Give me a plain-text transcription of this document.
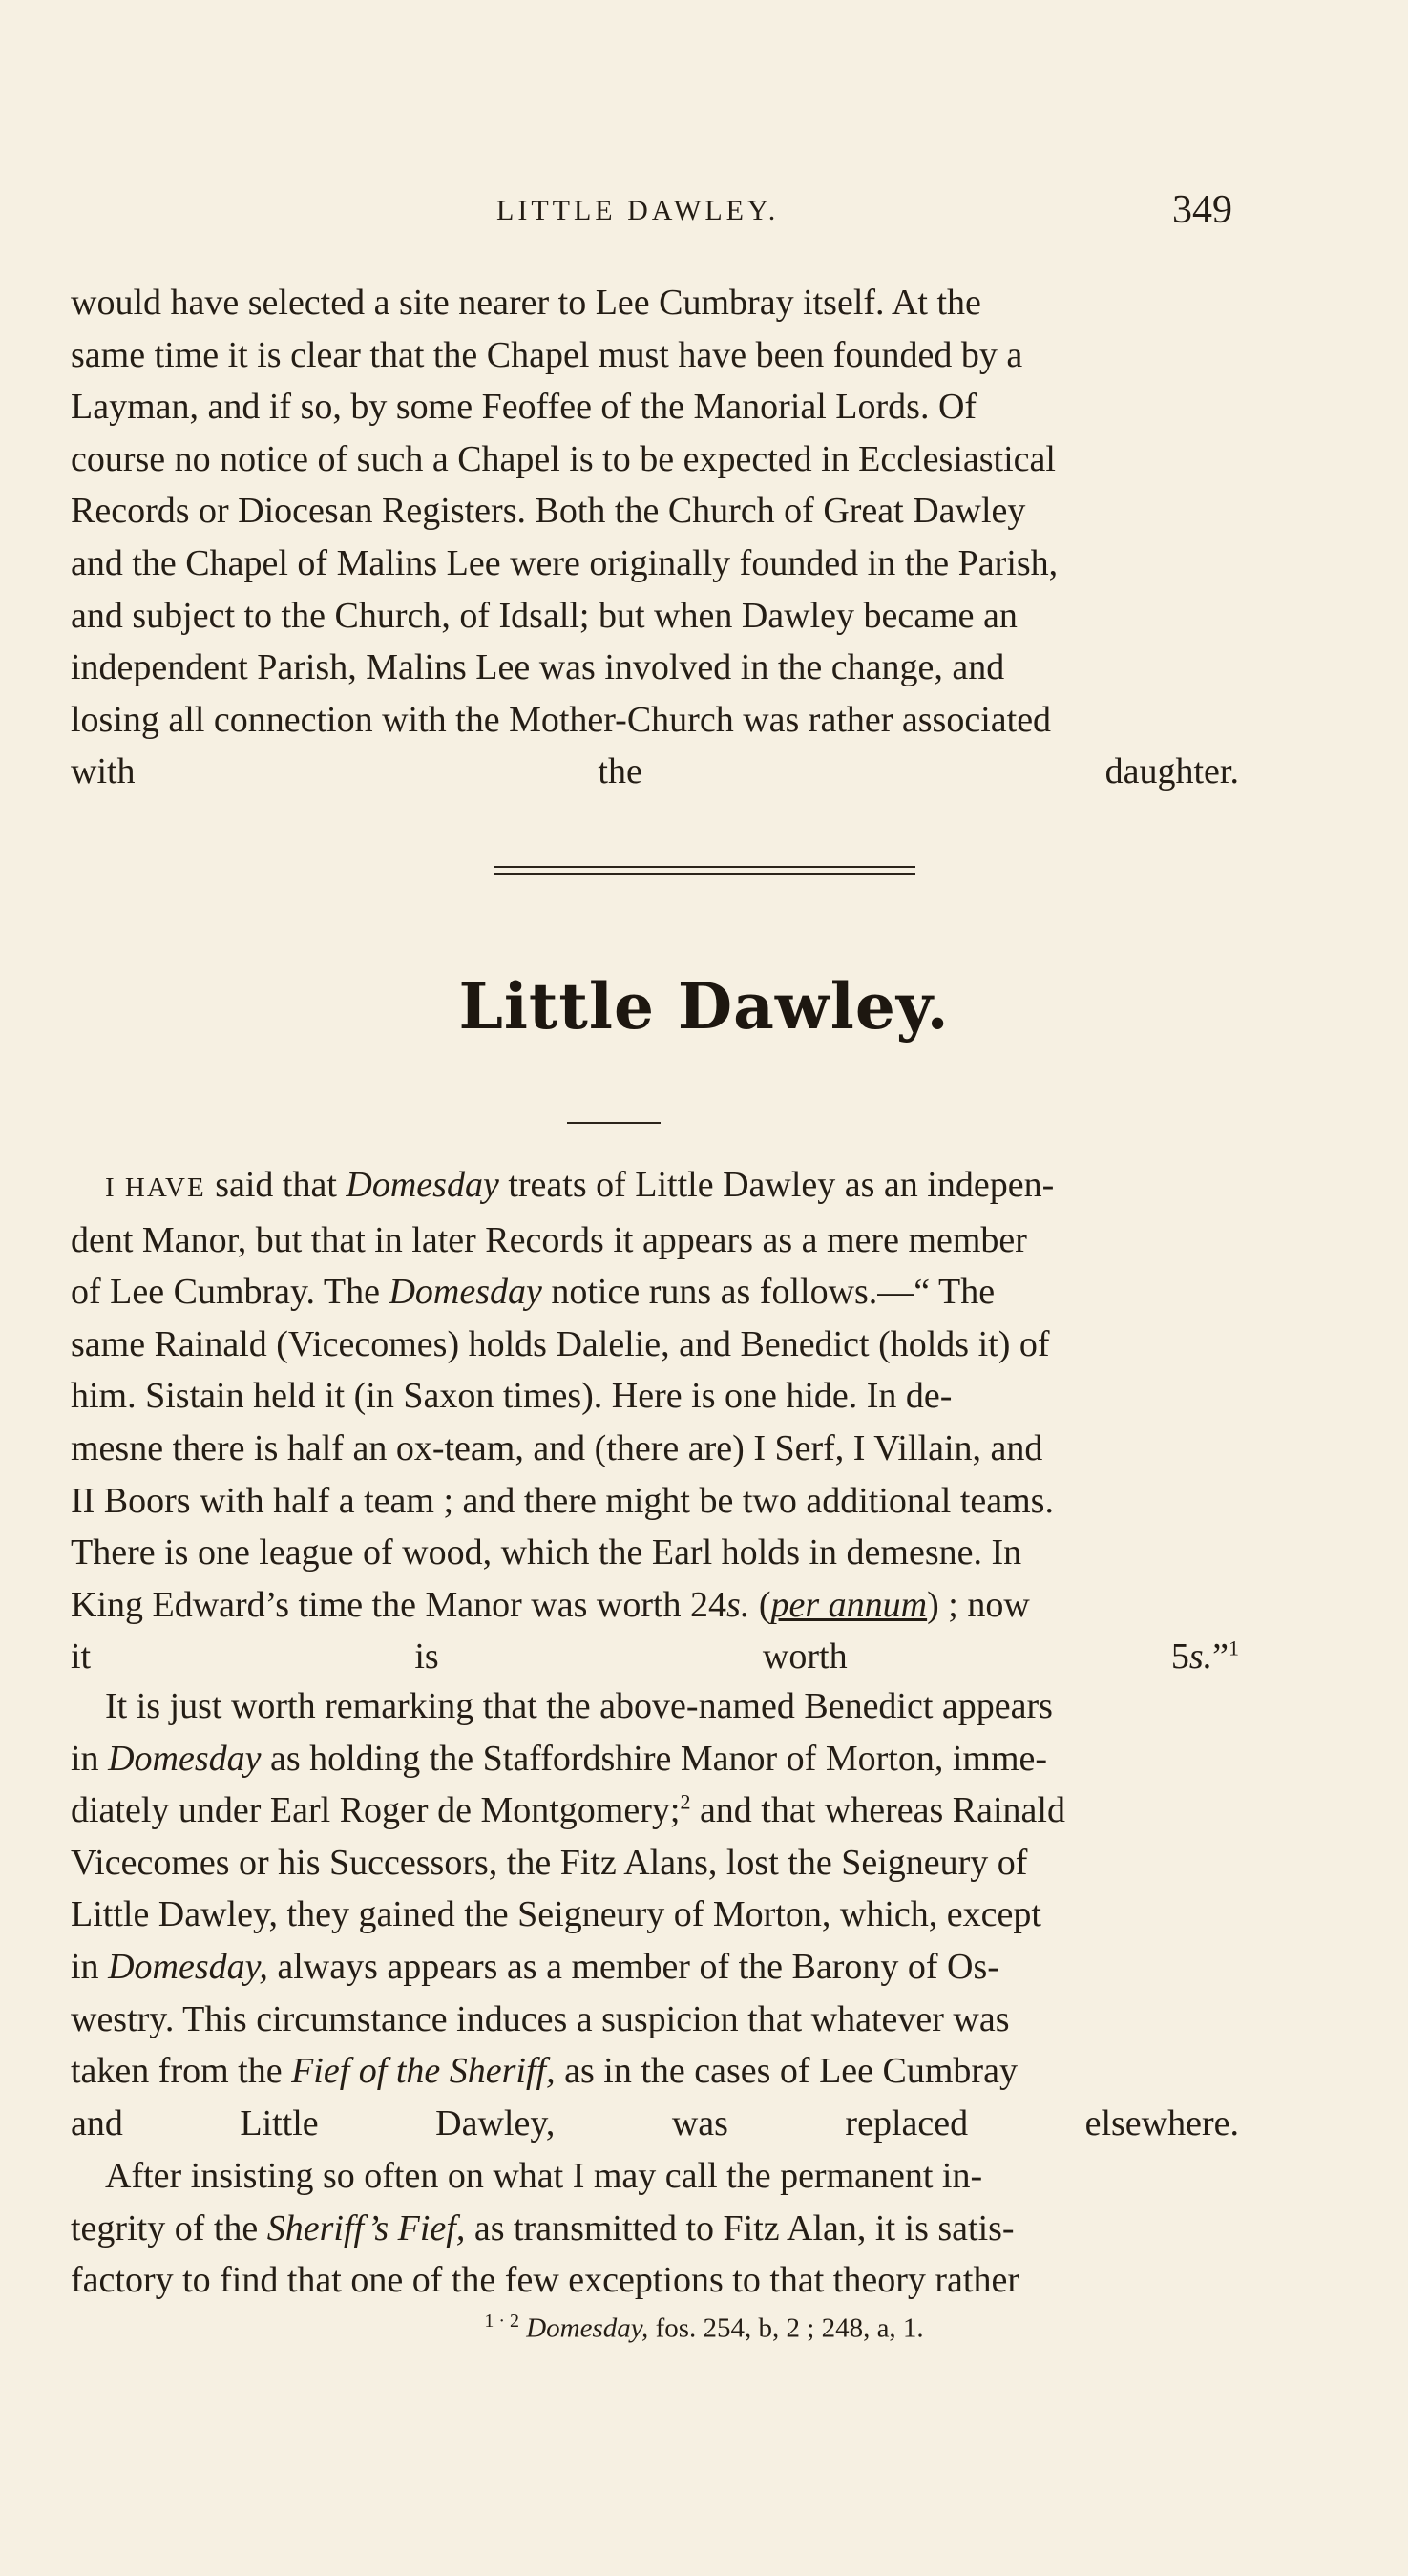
LITTLE DAWLEY.	349
would have selected a site nearer to Lee Cumbray itself. At the
same time it is clear that the Chapel must have been founded by a
Layman, and if so, by some Feoffee of the Manorial Lords. Of
course no notice of such a Chapel is to be expected in Ecclesiastical
Records or Diocesan Registers. Both the Church of Great Dawley
and the Chapel of Malins Lee were originally founded in the Parish,
and subject to the Church, of Idsall; but when Dawley became an
independent Parish, Malins Lee was involved in the change, and
losing all connection with the Mother-Church was rather associated
with the daughter.
Little Dawley.
I HAVE said that Domesday treats of Little Dawley as an indepen-
dent Manor, but that in later Records it appears as a mere member
of Lee Cumbray. The Domesday notice runs as follows.—“ The
same Rainald (Vicecomes) holds Dalelie, and Benedict (holds it) of
him. Sistain held it (in Saxon times). Here is one hide. In de-
mesne there is half an ox-team, and (there are) I Serf, I Villain, and
II Boors with half a team ; and there might be two additional teams.
There is one league of wood, which the Earl holds in demesne. In
King Edward’s time the Manor was worth 24s. (per annum) ; now
it is worth 5s.”$^1$
It is just worth remarking that the above-named Benedict appears
in Domesday as holding the Staffordshire Manor of Morton, imme-
diately under Earl Roger de Montgomery;$^2$ and that whereas Rainald
Vicecomes or his Successors, the Fitz Alans, lost the Seigneury of
Little Dawley, they gained the Seigneury of Morton, which, except
in Domesday, always appears as a member of the Barony of Os-
westry. This circumstance induces a suspicion that whatever was
taken from the Fief of the Sheriff, as in the cases of Lee Cumbray
and Little Dawley, was replaced elsewhere.
After insisting so often on what I may call the permanent in-
tegrity of the Sheriff’s Fief, as transmitted to Fitz Alan, it is satis-
factory to find that one of the few exceptions to that theory rather
$^{1 \cdot 2}$ Domesday, fos. 254, b, 2 ; 248, a, 1.
